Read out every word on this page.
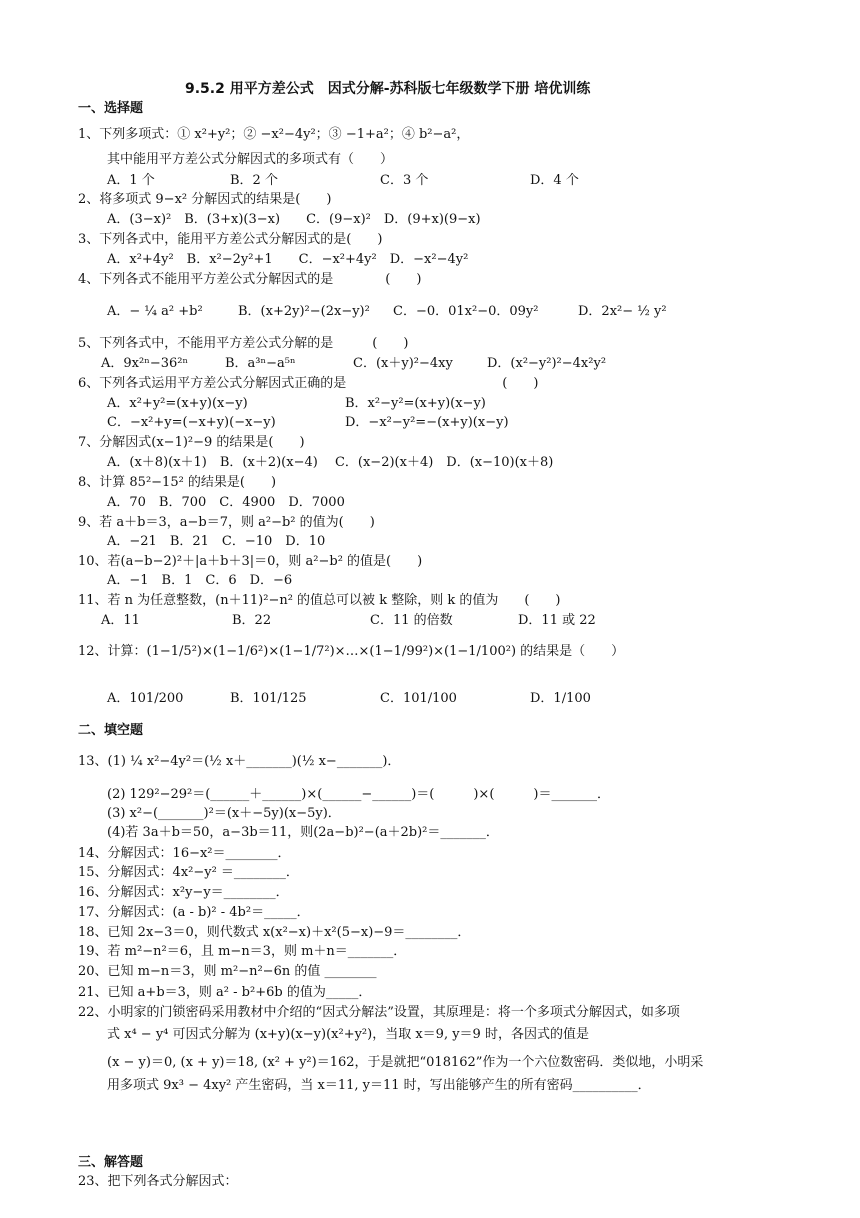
9.5.2 用平方差公式　因式分解-苏科版七年级数学下册 培优训练
一、选择题
1、下列多项式：① x²+y²；② −x²−4y²；③ −1+a²；④ b²−a²，
其中能用平方差公式分解因式的多项式有（　　）
A．1 个	B．2 个	C．3 个	D．4 个
2、将多项式 9−x² 分解因式的结果是(　　)
A．(3−x)²　B．(3+x)(3−x)　　C．(9−x)²　D．(9+x)(9−x)
3、下列各式中，能用平方差公式分解因式的是(　　)
A．x²+4y²　B．x²−2y²+1　　C．−x²+4y²　D．−x²−4y²
4、下列各式不能用平方差公式分解因式的是　　　　(　　)
A．− ¼ a² +b²	B．(x+2y)²−(2x−y)² C．−0．01x²−0．09y²	D．2x²− ½ y²
5、下列各式中，不能用平方差公式分解的是　　　(　　)
A．9x²ⁿ−36²ⁿ	B．a³ⁿ−a⁵ⁿ	C．(x＋y)²−4xy	D．(x²−y²)²−4x²y²
6、下列各式运用平方差公式分解因式正确的是　　　　　　　　　　　　(　　)
A．x²+y²=(x+y)(x−y)	B．x²−y²=(x+y)(x−y)
C．−x²+y=(−x+y)(−x−y)	D．−x²−y²=−(x+y)(x−y)
7、分解因式(x−1)²−9 的结果是(　　)
A．(x＋8)(x＋1)　B．(x＋2)(x−4)　 C．(x−2)(x＋4)　D．(x−10)(x＋8)
8、计算 85²−15² 的结果是(　　)
A．70　B．700　C．4900　D．7000
9、若 a＋b＝3，a−b＝7，则 a²−b² 的值为(　　)
A．−21　B．21　C．−10　D．10
10、若(a−b−2)²＋|a＋b＋3|＝0，则 a²−b² 的值是(　　)
A．−1　B．1　C．6　D．−6
11、若 n 为任意整数，(n＋11)²−n² 的值总可以被 k 整除，则 k 的值为　　(　　)
A．11	B．22	C．11 的倍数	D．11 或 22
12、计算：(1−1/5²)×(1−1/6²)×(1−1/7²)×…×(1−1/99²)×(1−1/100²) 的结果是（　　）
A．101/200	B．101/125	C．101/100	D．1/100
二、填空题
13、(1) ¼ x²−4y²＝(½ x＋_______)(½ x−_______)．
(2) 129²−29²＝(______＋______)×(______−______)＝(　　　)×(　　　)＝_______．
(3) x²−(_______)²＝(x＋−5y)(x−5y)．
(4)若 3a＋b＝50，a−3b＝11，则(2a−b)²−(a＋2b)²＝_______．
14、分解因式：16−x²＝________．
15、分解因式：4x²−y² ＝________．
16、分解因式：x²y−y＝________．
17、分解因式：(a - b)² - 4b²＝_____．
18、已知 2x−3＝0，则代数式 x(x²−x)＋x²(5−x)−9＝________．
19、若 m²−n²＝6，且 m−n＝3，则 m＋n＝_______．
20、已知 m−n＝3，则 m²−n²−6n 的值 ________
21、已知 a+b＝3，则 a² - b²+6b 的值为_____．
22、小明家的门锁密码采用教材中介绍的“因式分解法”设置，其原理是：将一个多项式分解因式，如多项
式 x⁴ − y⁴ 可因式分解为 (x+y)(x−y)(x²+y²)，当取 x＝9, y＝9 时，各因式的值是
(x − y)＝0, (x + y)＝18, (x² + y²)＝162，于是就把“018162”作为一个六位数密码．类似地，小明采
用多项式 9x³ − 4xy² 产生密码，当 x＝11, y＝11 时，写出能够产生的所有密码__________．
三、解答题
23、把下列各式分解因式：
